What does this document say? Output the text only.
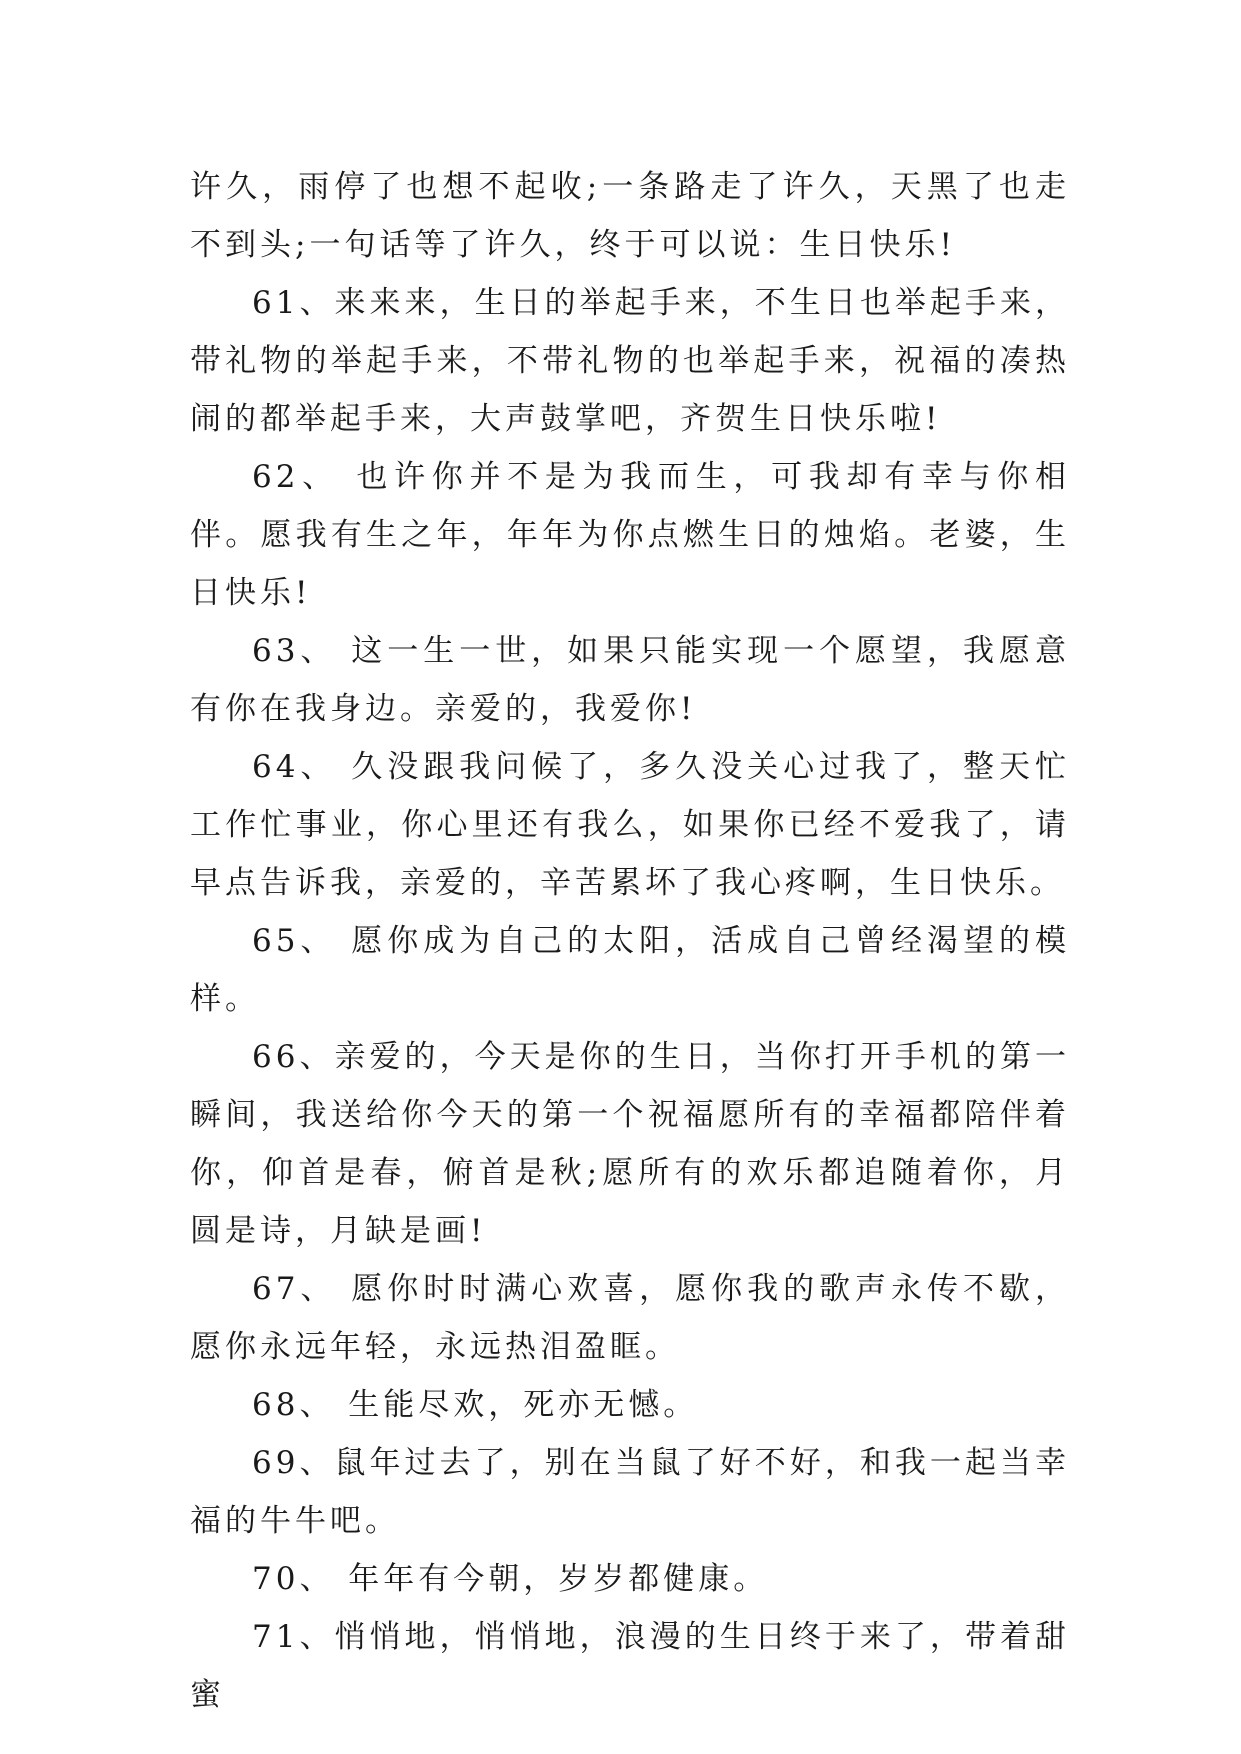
许久，雨停了也想不起收;一条路走了许久，天黑了也走不到头;一句话等了许久，终于可以说：生日快乐!

61、来来来，生日的举起手来，不生日也举起手来，带礼物的举起手来，不带礼物的也举起手来，祝福的凑热闹的都举起手来，大声鼓掌吧，齐贺生日快乐啦!

62、 也许你并不是为我而生，可我却有幸与你相伴。愿我有生之年，年年为你点燃生日的烛焰。老婆，生日快乐!

63、 这一生一世，如果只能实现一个愿望，我愿意有你在我身边。亲爱的，我爱你!

64、 久没跟我问候了，多久没关心过我了，整天忙工作忙事业，你心里还有我么，如果你已经不爱我了，请早点告诉我，亲爱的，辛苦累坏了我心疼啊，生日快乐。

65、 愿你成为自己的太阳，活成自己曾经渴望的模样。

66、亲爱的，今天是你的生日，当你打开手机的第一瞬间，我送给你今天的第一个祝福愿所有的幸福都陪伴着你，仰首是春，俯首是秋;愿所有的欢乐都追随着你，月圆是诗，月缺是画!

67、 愿你时时满心欢喜，愿你我的歌声永传不歇，愿你永远年轻，永远热泪盈眶。

68、 生能尽欢，死亦无憾。

69、鼠年过去了，别在当鼠了好不好，和我一起当幸福的牛牛吧。

70、 年年有今朝，岁岁都健康。

71、悄悄地，悄悄地，浪漫的生日终于来了，带着甜蜜
